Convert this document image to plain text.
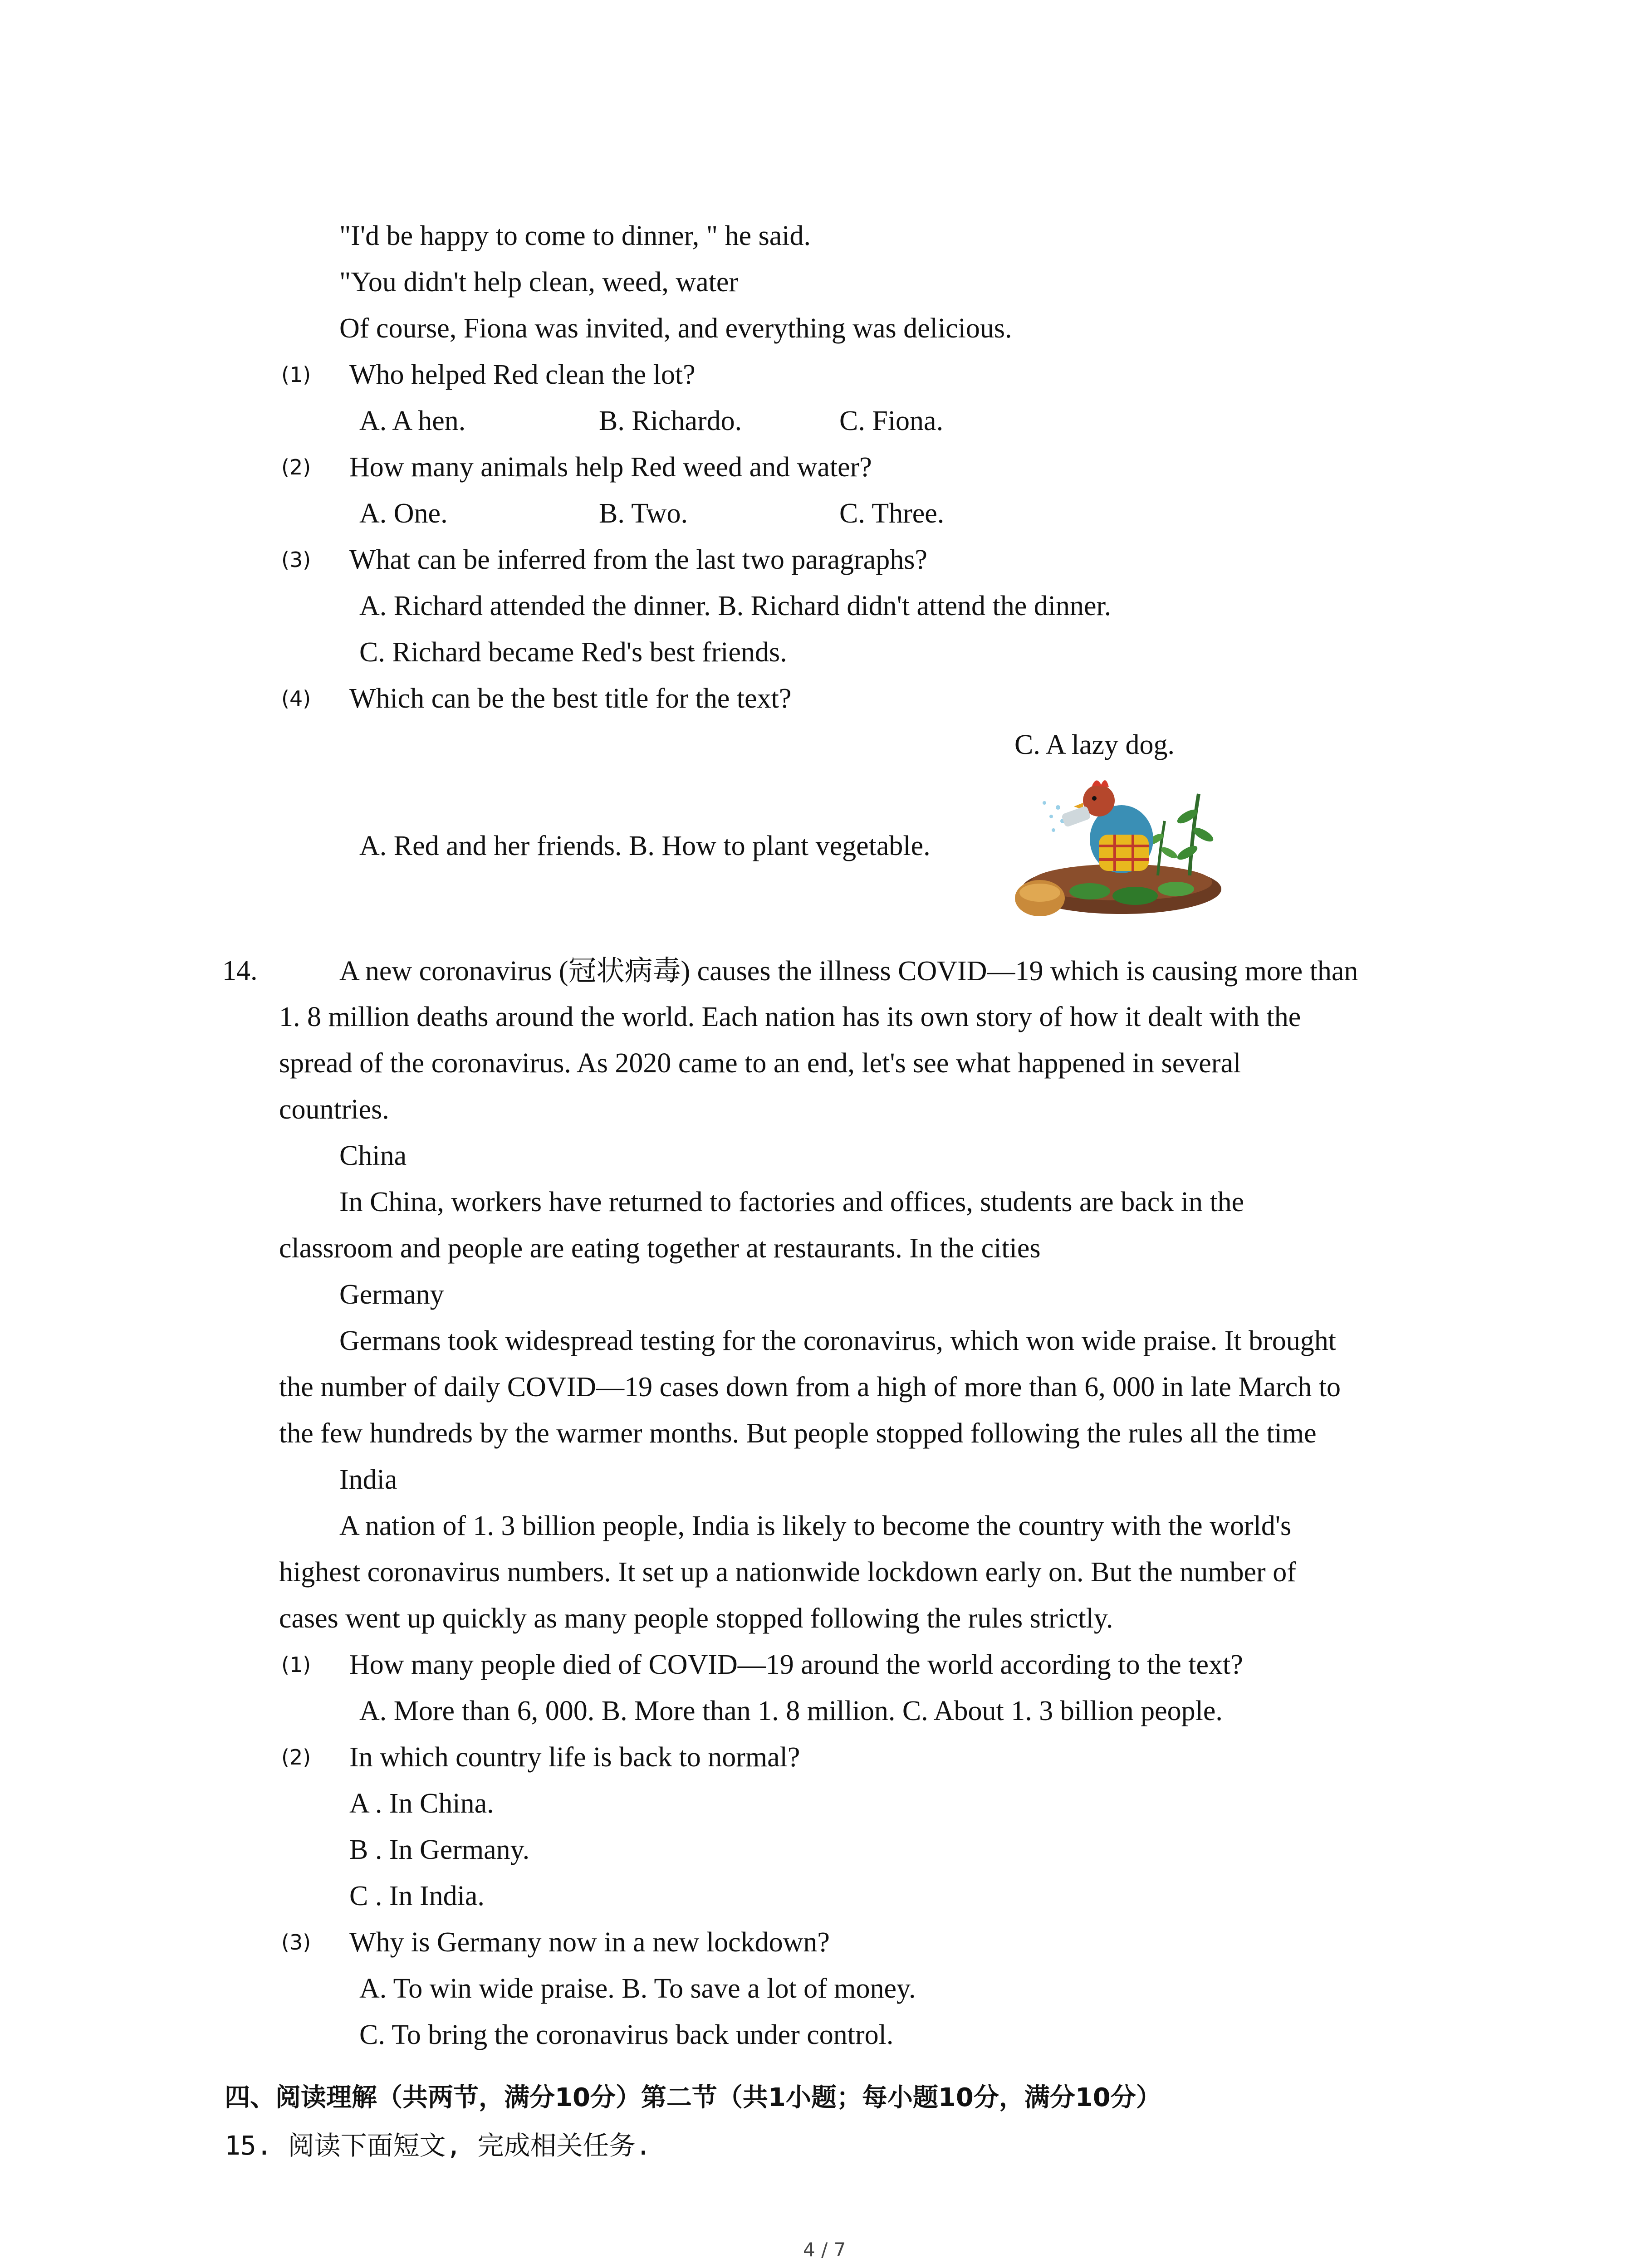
"I'd be happy to come to dinner, " he said.
"You didn't help clean, weed, water
Of course, Fiona was invited, and everything was delicious.
(1) Who helped Red clean the lot?
A. A hen.	B. Richardo.	C. Fiona.
(2) How many animals help Red weed and water?
A. One.	B. Two.	C. Three.
(3) What can be inferred from the last two paragraphs?
A. Richard attended the dinner. B. Richard didn't attend the dinner.
C. Richard became Red's best friends.
(4) Which can be the best title for the text?
C. A lazy dog.
A. Red and her friends. B. How to plant vegetable.
14.	A new coronavirus (冠状病毒) causes the illness COVID—19 which is causing more than
1. 8 million deaths around the world. Each nation has its own story of how it dealt with the
spread of the coronavirus. As 2020 came to an end, let's see what happened in several
countries.
China
In China, workers have returned to factories and offices, students are back in the
classroom and people are eating together at restaurants. In the cities
Germany
Germans took widespread testing for the coronavirus, which won wide praise. It brought
the number of daily COVID—19 cases down from a high of more than 6, 000 in late March to
the few hundreds by the warmer months. But people stopped following the rules all the time
India
A nation of 1. 3 billion people, India is likely to become the country with the world's
highest coronavirus numbers. It set up a nationwide lockdown early on. But the number of
cases went up quickly as many people stopped following the rules strictly.
(1) How many people died of COVID—19 around the world according to the text?
A. More than 6, 000. B. More than 1. 8 million. C. About 1. 3 billion people.
(2) In which country life is back to normal?
A . In China.
B . In Germany.
C . In India.
(3) Why is Germany now in a new lockdown?
A. To win wide praise. B. To save a lot of money.
C. To bring the coronavirus back under control.
四、阅读理解（共两节，满分10分）第二节（共1小题；每小题10分，满分10分）
15. 阅读下面短文, 完成相关任务.
4 / 7
